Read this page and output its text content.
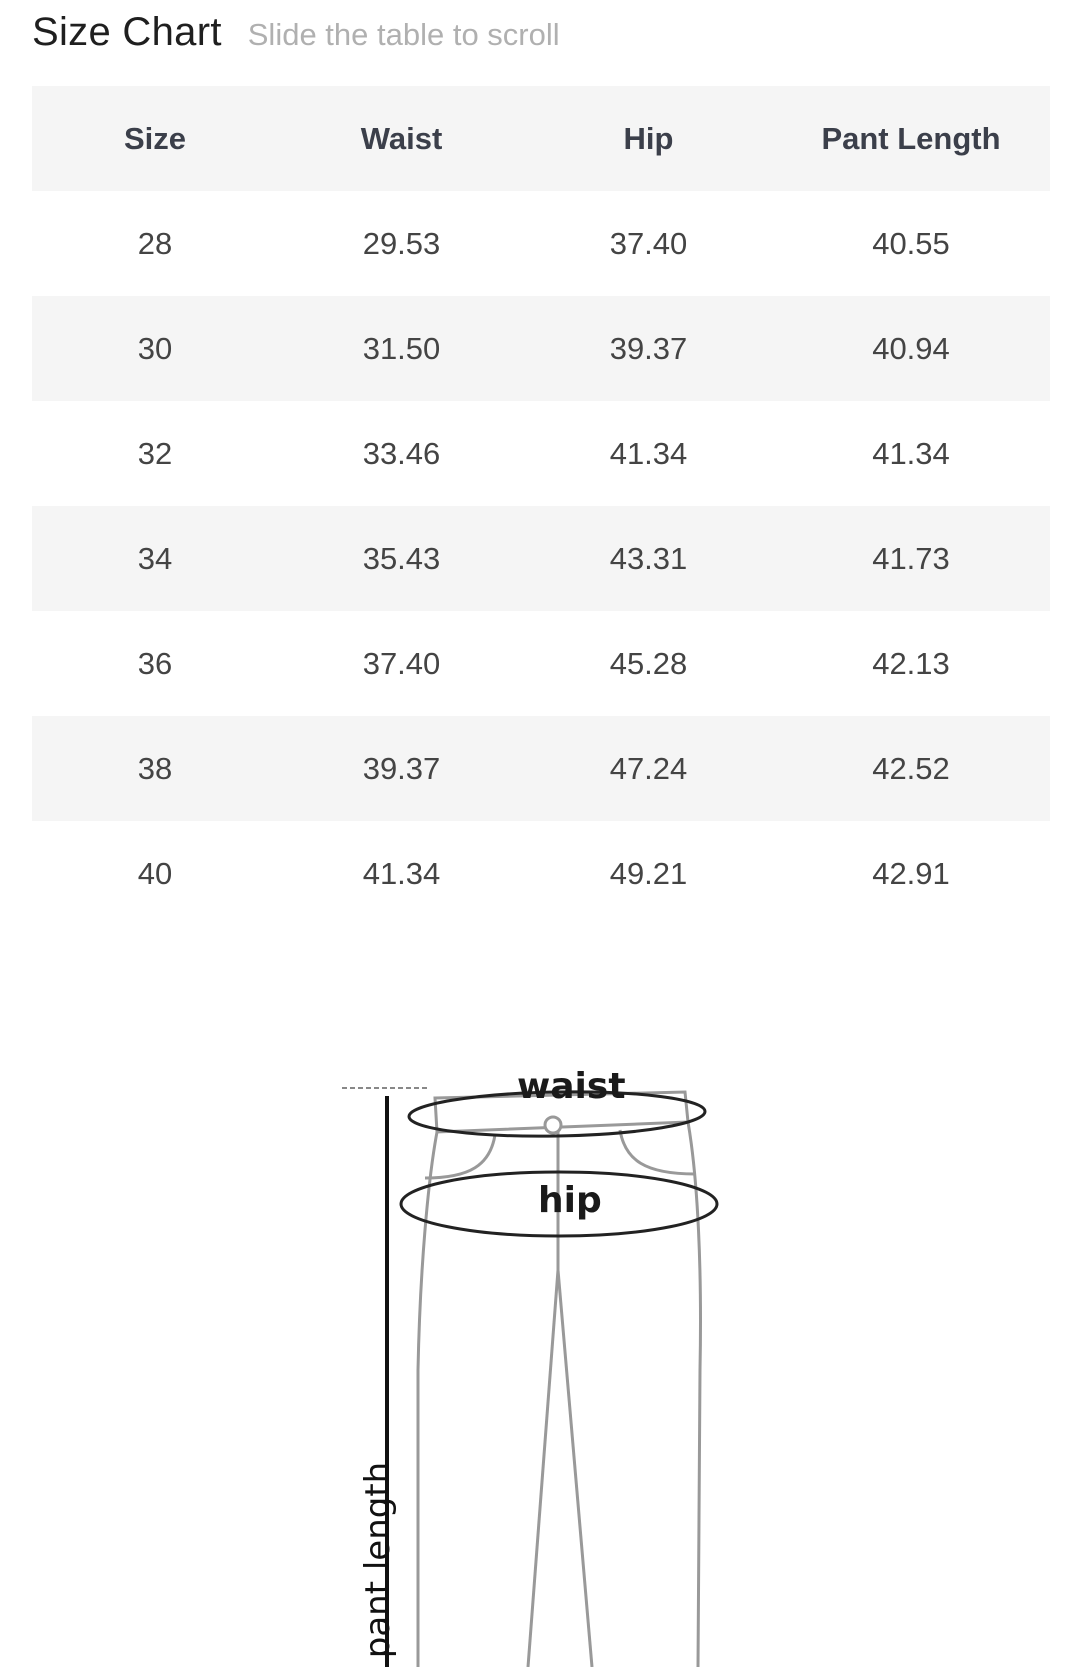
Size Chart Slide the table to scroll
Size	Waist	Hip	Pant Length
28	29.53	37.40	40.55
30	31.50	39.37	40.94
32	33.46	41.34	41.34
34	35.43	43.31	41.73
36	37.40	45.28	42.13
38	39.37	47.24	42.52
40	41.34	49.21	42.91
waist
hip
pant length
